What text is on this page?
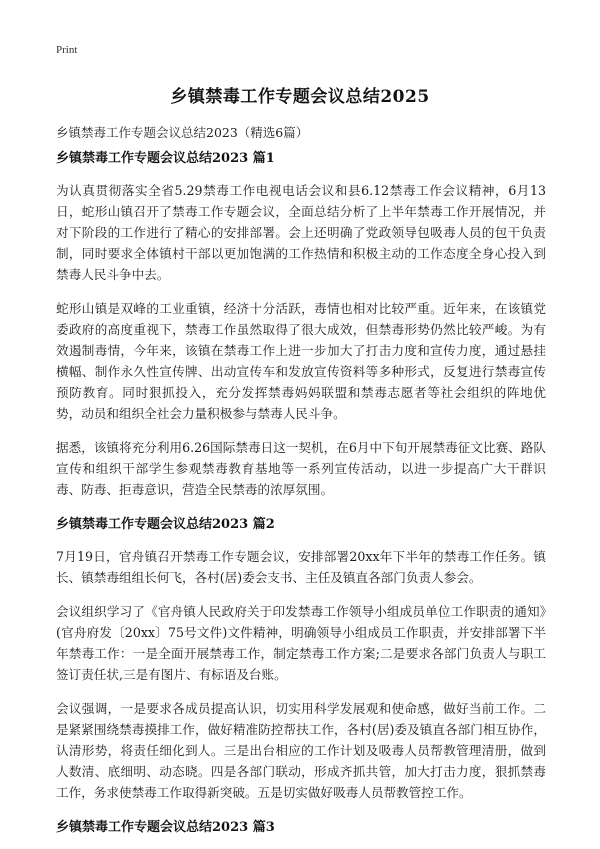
Print
乡镇禁毒工作专题会议总结2025
乡镇禁毒工作专题会议总结2023（精选6篇）
乡镇禁毒工作专题会议总结2023 篇1

为认真贯彻落实全省5.29禁毒工作电视电话会议和县6.12禁毒工作会议精神，6月13日，蛇形山镇召开了禁毒工作专题会议，全面总结分析了上半年禁毒工作开展情况，并对下阶段的工作进行了精心的安排部署。会上还明确了党政领导包吸毒人员的包干负责制，同时要求全体镇村干部以更加饱满的工作热情和积极主动的工作态度全身心投入到禁毒人民斗争中去。

蛇形山镇是双峰的工业重镇，经济十分活跃，毒情也相对比较严重。近年来，在该镇党委政府的高度重视下，禁毒工作虽然取得了很大成效，但禁毒形势仍然比较严峻。为有效遏制毒情，今年来，该镇在禁毒工作上进一步加大了打击力度和宣传力度，通过悬挂横幅、制作永久性宣传牌、出动宣传车和发放宣传资料等多种形式，反复进行禁毒宣传预防教育。同时狠抓投入，充分发挥禁毒妈妈联盟和禁毒志愿者等社会组织的阵地优势，动员和组织全社会力量积极参与禁毒人民斗争。

据悉，该镇将充分利用6.26国际禁毒日这一契机，在6月中下旬开展禁毒征文比赛、路队宣传和组织干部学生参观禁毒教育基地等一系列宣传活动，以进一步提高广大干群识毒、防毒、拒毒意识，营造全民禁毒的浓厚氛围。

乡镇禁毒工作专题会议总结2023 篇2

7月19日，官舟镇召开禁毒工作专题会议，安排部署20xx年下半年的禁毒工作任务。镇长、镇禁毒组组长何飞，各村(居)委会支书、主任及镇直各部门负责人参会。

会议组织学习了《官舟镇人民政府关于印发禁毒工作领导小组成员单位工作职责的通知》(官舟府发〔20xx〕75号文件)文件精神，明确领导小组成员工作职责，并安排部署下半年禁毒工作：一是全面开展禁毒工作，制定禁毒工作方案;二是要求各部门负责人与职工签订责任状,三是有图片、有标语及台账。

会议强调，一是要求各成员提高认识，切实用科学发展观和使命感，做好当前工作。二是紧紧围绕禁毒摸排工作，做好精准防控帮扶工作，各村(居)委及镇直各部门相互协作，认清形势，将责任细化到人。三是出台相应的工作计划及吸毒人员帮教管理清册，做到人数清、底细明、动态晓。四是各部门联动，形成齐抓共管，加大打击力度，狠抓禁毒工作，务求使禁毒工作取得新突破。五是切实做好吸毒人员帮教管控工作。

乡镇禁毒工作专题会议总结2023 篇3
